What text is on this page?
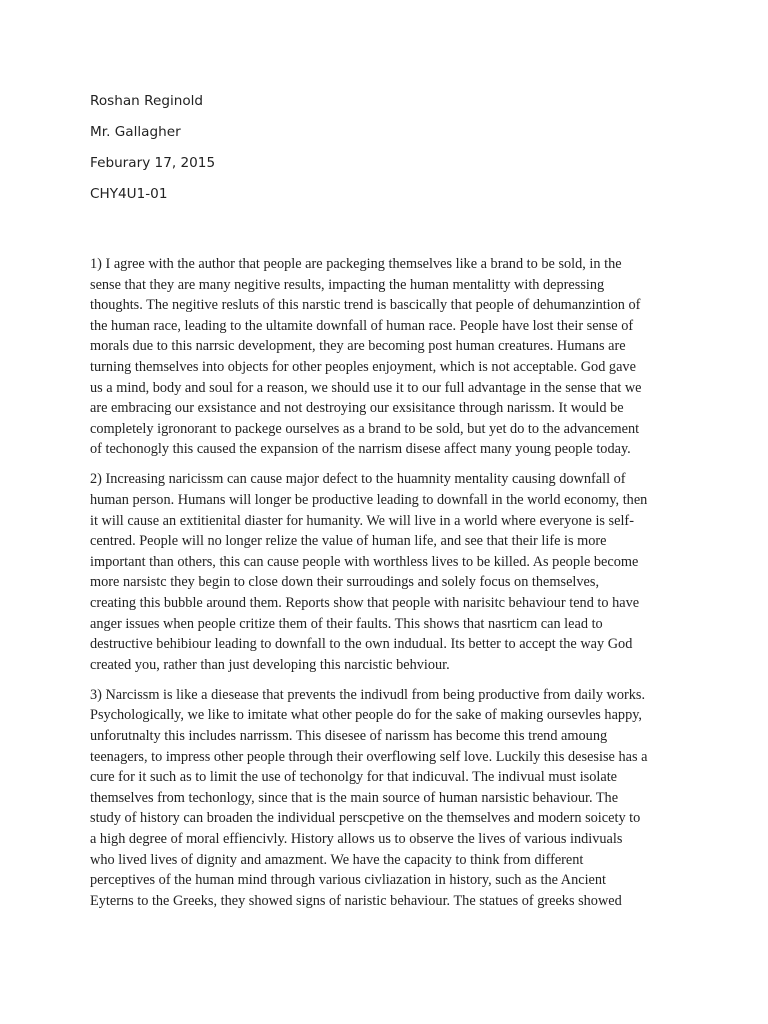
Roshan Reginold
Mr. Gallagher
Feburary 17, 2015
CHY4U1-01
1) I agree with the author that people are packeging themselves like a brand to be sold, in the
sense that they are many negitive results, impacting the human mentalitty with depressing
thoughts. The negitive resluts of this narstic trend is bascically that people of dehumanzintion of
the human race, leading to the ultamite downfall of human race. People have lost their sense of
morals due to this narrsic development, they are becoming post human creatures. Humans are
turning themselves into objects for other peoples enjoyment, which is not acceptable. God gave
us a mind, body and soul for a reason, we should use it to our full advantage in the sense that we
are embracing our exsistance and not destroying our exsisitance through narissm. It would be
completely igronorant to packege ourselves as a brand to be sold, but yet do to the advancement
of techonogly this caused the expansion of the narrism disese affect many young people today.
2) Increasing naricissm can cause major defect to the huamnity mentality causing downfall of
human person. Humans will longer be productive leading to downfall in the world economy, then
it will cause an extitienital diaster for humanity. We will live in a world where everyone is self-
centred. People will no longer relize the value of human life, and see that their life is more
important than others, this can cause people with worthless lives to be killed. As people become
more narsistc they begin to close down their surroudings and solely focus on themselves,
creating this bubble around them. Reports show that people with narisitc behaviour tend to have
anger issues when people critize them of their faults. This shows that nasrticm can lead to
destructive behibiour leading to downfall to the own indudual. Its better to accept the way God
created you, rather than just developing this narcistic behviour.
3) Narcissm is like a diesease that prevents the indivudl from being productive from daily works.
Psychologically, we like to imitate what other people do for the sake of making oursevles happy,
unforutnalty this includes narrissm. This disesee of narissm has become this trend amoung
teenagers, to impress other people through their overflowing self love. Luckily this desesise has a
cure for it such as to limit the use of techonolgy for that indicuval. The indivual must isolate
themselves from techonlogy, since that is the main source of human narsistic behaviour. The
study of history can broaden the individual perscpetive on the themselves and modern soicety to
a high degree of moral effiencivly. History allows us to observe the lives of various indivuals
who lived lives of dignity and amazment. We have the capacity to think from different
perceptives of the human mind through various civliazation in history, such as the Ancient
Eyterns to the Greeks, they showed signs of naristic behaviour. The statues of greeks showed
